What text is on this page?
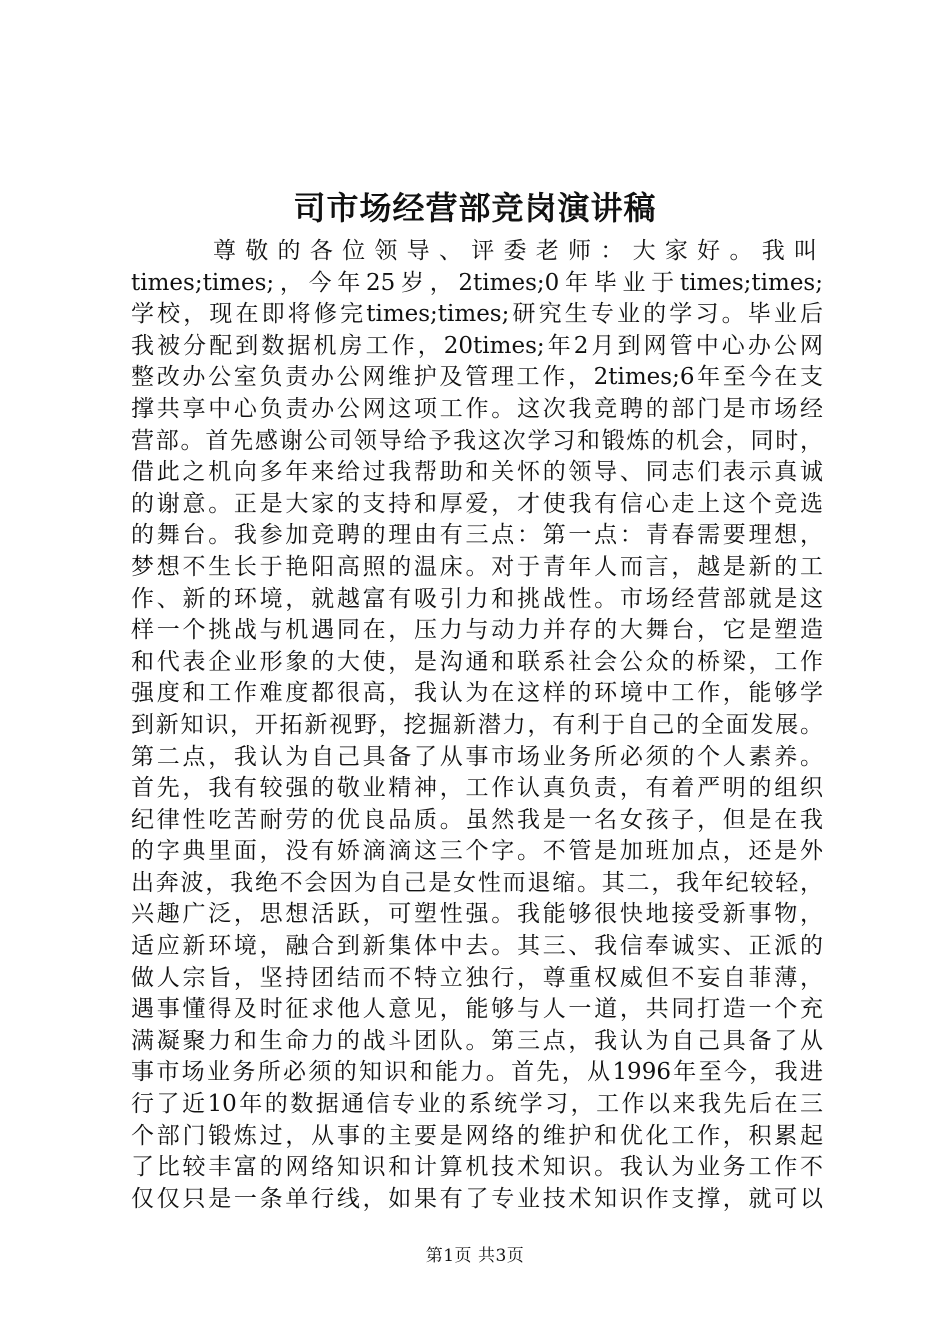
司市场经营部竞岗演讲稿
尊敬的各位领导、评委老师：大家好。我叫
times;times;，今年25岁，2times;0年毕业于times;times;
学校，现在即将修完times;times;研究生专业的学习。毕业后
我被分配到数据机房工作，20times;年2月到网管中心办公网
整改办公室负责办公网维护及管理工作，2times;6年至今在支
撑共享中心负责办公网这项工作。这次我竞聘的部门是市场经
营部。首先感谢公司领导给予我这次学习和锻炼的机会，同时，
借此之机向多年来给过我帮助和关怀的领导、同志们表示真诚
的谢意。正是大家的支持和厚爱，才使我有信心走上这个竞选
的舞台。我参加竞聘的理由有三点：第一点：青春需要理想，
梦想不生长于艳阳高照的温床。对于青年人而言，越是新的工
作、新的环境，就越富有吸引力和挑战性。市场经营部就是这
样一个挑战与机遇同在，压力与动力并存的大舞台，它是塑造
和代表企业形象的大使，是沟通和联系社会公众的桥梁，工作
强度和工作难度都很高，我认为在这样的环境中工作，能够学
到新知识，开拓新视野，挖掘新潜力，有利于自己的全面发展。
第二点，我认为自己具备了从事市场业务所必须的个人素养。
首先，我有较强的敬业精神，工作认真负责，有着严明的组织
纪律性吃苦耐劳的优良品质。虽然我是一名女孩子，但是在我
的字典里面，没有娇滴滴这三个字。不管是加班加点，还是外
出奔波，我绝不会因为自己是女性而退缩。其二，我年纪较轻，
兴趣广泛，思想活跃，可塑性强。我能够很快地接受新事物，
适应新环境，融合到新集体中去。其三、我信奉诚实、正派的
做人宗旨，坚持团结而不特立独行，尊重权威但不妄自菲薄，
遇事懂得及时征求他人意见，能够与人一道，共同打造一个充
满凝聚力和生命力的战斗团队。第三点，我认为自己具备了从
事市场业务所必须的知识和能力。首先，从1996年至今，我进
行了近10年的数据通信专业的系统学习，工作以来我先后在三
个部门锻炼过，从事的主要是网络的维护和优化工作，积累起
了比较丰富的网络知识和计算机技术知识。我认为业务工作不
仅仅只是一条单行线，如果有了专业技术知识作支撑，就可以
第1页 共3页
